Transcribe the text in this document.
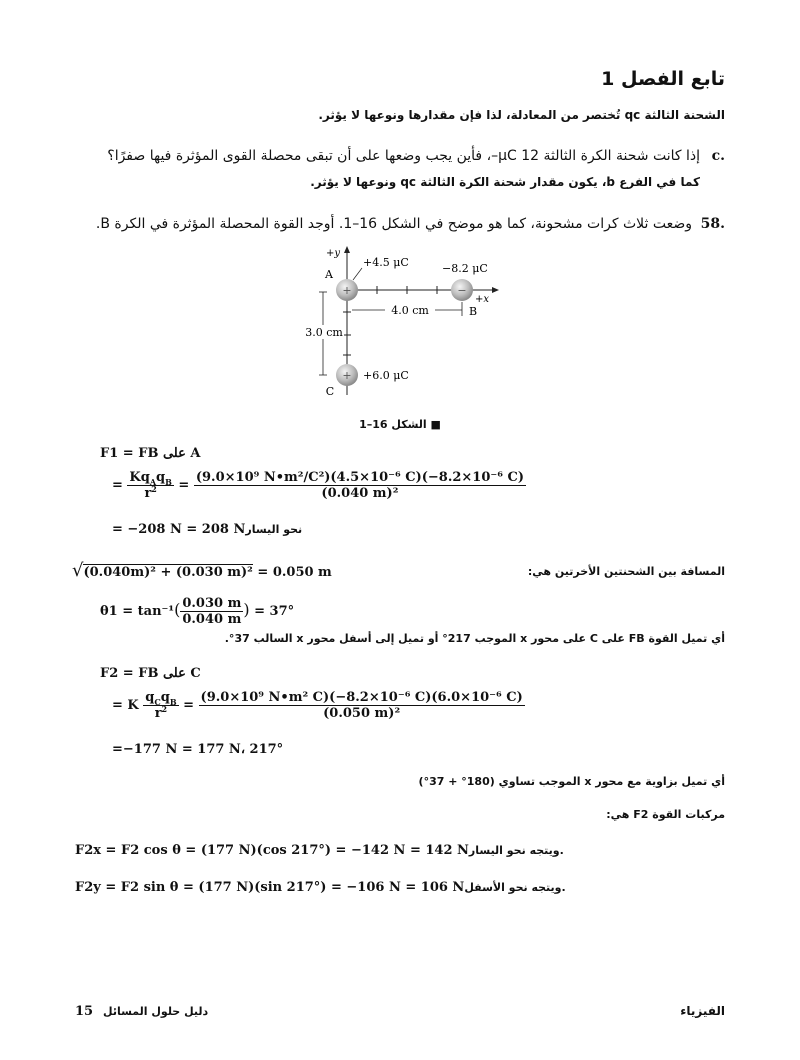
تابع الفصل 1
الشحنة الثالثة qc تُختصر من المعادلة، لذا فإن مقدارها ونوعها لا يؤثر.
c.
إذا كانت شحنة الكرة الثالثة 12 μC–، فأين يجب وضعها على أن تبقى محصلة القوى المؤثرة فيها صفرًا؟
كما في الفرع b، يكون مقدار شحنة الكرة الثالثة qc ونوعها لا يؤثر.
58.
وضعت ثلاث كرات مشحونة، كما هو موضح في الشكل 16–1. أوجد القوة المحصلة المؤثرة في الكرة B.
4.0 cm
3.0 cm
+
A
+4.5 μC
−
B
−8.2 μC
+
C
+6.0 μC
+y
+x
■ الشكل 16–1
F1 = FB على A
= $\frac{Kq_Aq_B}{r^2} = \frac{\text{(9.0×10⁹ N•m²/C²)(4.5×10⁻⁶ C)(−8.2×10⁻⁶ C)}}{\text{(0.040 m)²}}$
= −208 N = 208 Nنحو اليسار
√(0.040m)² + (0.030 m)² = 0.050 m	المسافة بين الشحنتين الأخرتين هي:
$\theta 1 = \tan^{-1}( \frac{0.030 m}{0.040 m}$ ) = 37°
أي تميل القوة FB على C على محور x الموجب 217° أو تميل إلى أسفل محور x السالب 37°.
F2 = FB على C
= K $\frac{q_Cq_B}{r^2} = \frac{\text{(9.0×10⁹ N•m² C)(−8.2×10⁻⁶ C)(6.0×10⁻⁶ C)}}{\text{(0.050 m)²}}$
=−177 N = 177 N، 217°
أي تميل بزاوية مع محور x الموجب تساوي (180° + 37°)
مركبات القوة F2 هي:
F2x = F2 cos θ = (177 N)(cos 217°) = −142 N = 142 Nويتجه نحو اليسار.
F2y = F2 sin θ = (177 N)(sin 217°) = −106 N = 106 Nويتجه نحو الأسفل.
15 دليل حلول المسائل	الفيزياء
